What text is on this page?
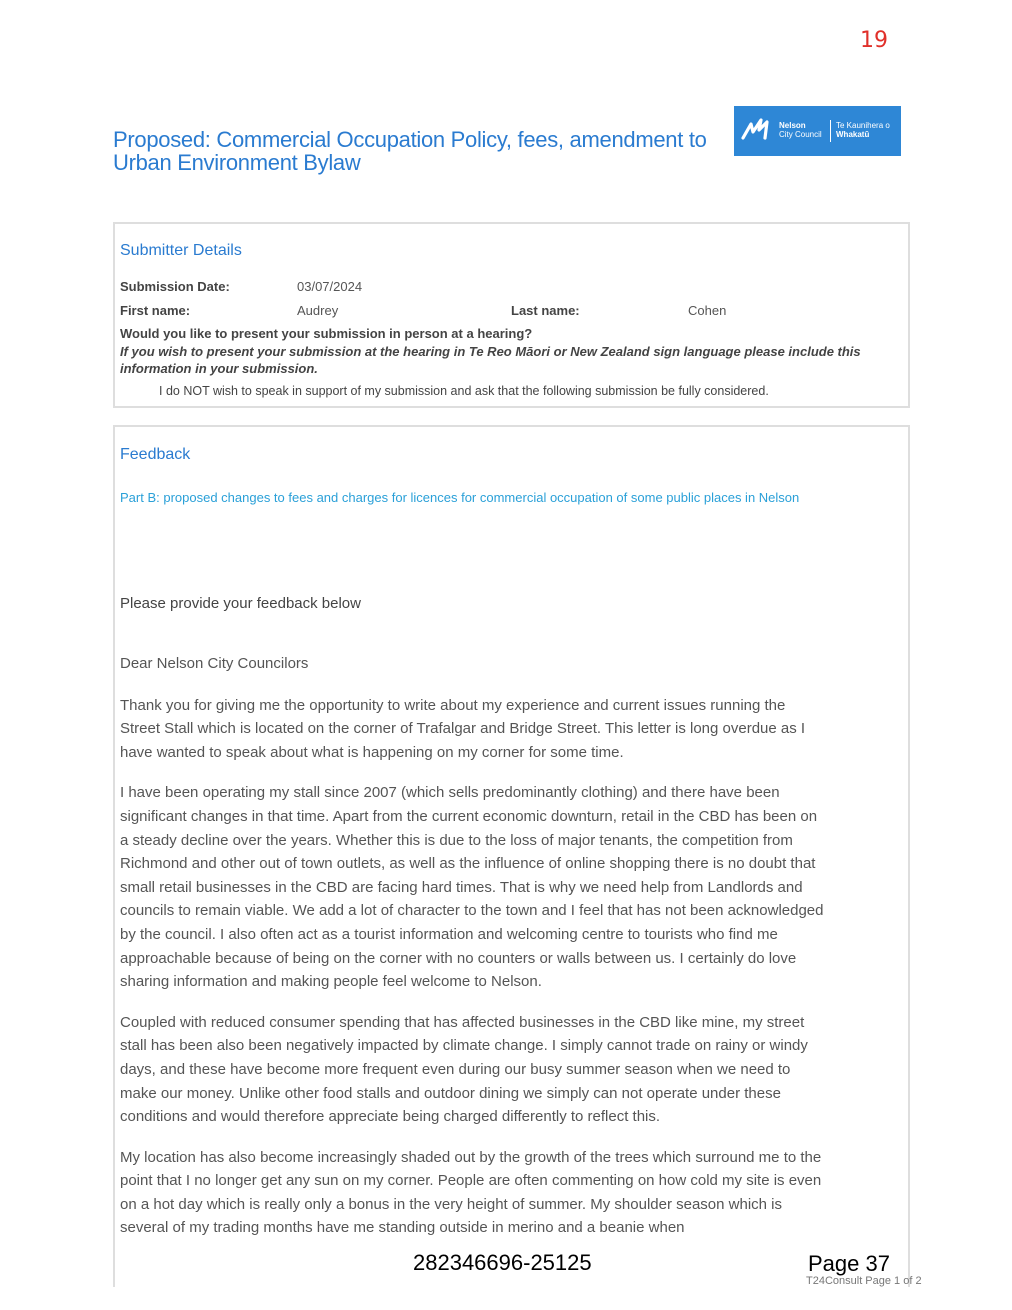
19
Proposed: Commercial Occupation Policy, fees, amendment to Urban Environment Bylaw
Nelson
City Council
Te Kaunihera o
Whakatū
Submitter Details
Submission Date:	03/07/2024
First name:	Audrey	Last name:	Cohen
Would you like to present your submission in person at a hearing?
If you wish to present your submission at the hearing in Te Reo Māori or New Zealand sign language please include this information in your submission.
I do NOT wish to speak in support of my submission and ask that the following submission be fully considered.
Feedback
Part B: proposed changes to fees and charges for licences for commercial occupation of some public places in Nelson
Please provide your feedback below

Dear Nelson City Councilors

Thank you for giving me the opportunity to write about my experience and current issues running the Street Stall which is located on the corner of Trafalgar and Bridge Street. This letter is long overdue as I have wanted to speak about what is happening on my corner for some time.

I have been operating my stall since 2007 (which sells predominantly clothing) and there have been significant changes in that time. Apart from the current economic downturn, retail in the CBD has been on a steady decline over the years. Whether this is due to the loss of major tenants, the competition from Richmond and other out of town outlets, as well as the influence of online shopping there is no doubt that small retail businesses in the CBD are facing hard times. That is why we need help from Landlords and councils to remain viable. We add a lot of character to the town and I feel that has not been acknowledged by the council. I also often act as a tourist information and welcoming centre to tourists who find me approachable because of being on the corner with no counters or walls between us. I certainly do love sharing information and making people feel welcome to Nelson.

Coupled with reduced consumer spending that has affected businesses in the CBD like mine, my street stall has been also been negatively impacted by climate change. I simply cannot trade on rainy or windy days, and these have become more frequent even during our busy summer season when we need to make our money. Unlike other food stalls and outdoor dining we simply can not operate under these conditions and would therefore appreciate being charged differently to reflect this.

My location has also become increasingly shaded out by the growth of the trees which surround me to the point that I no longer get any sun on my corner. People are often commenting on how cold my site is even on a hot day which is really only a bonus in the very height of summer. My shoulder season which is several of my trading months have me standing outside in merino and a beanie when

282346696-25125	Page 37
T24Consult Page 1 of 2
